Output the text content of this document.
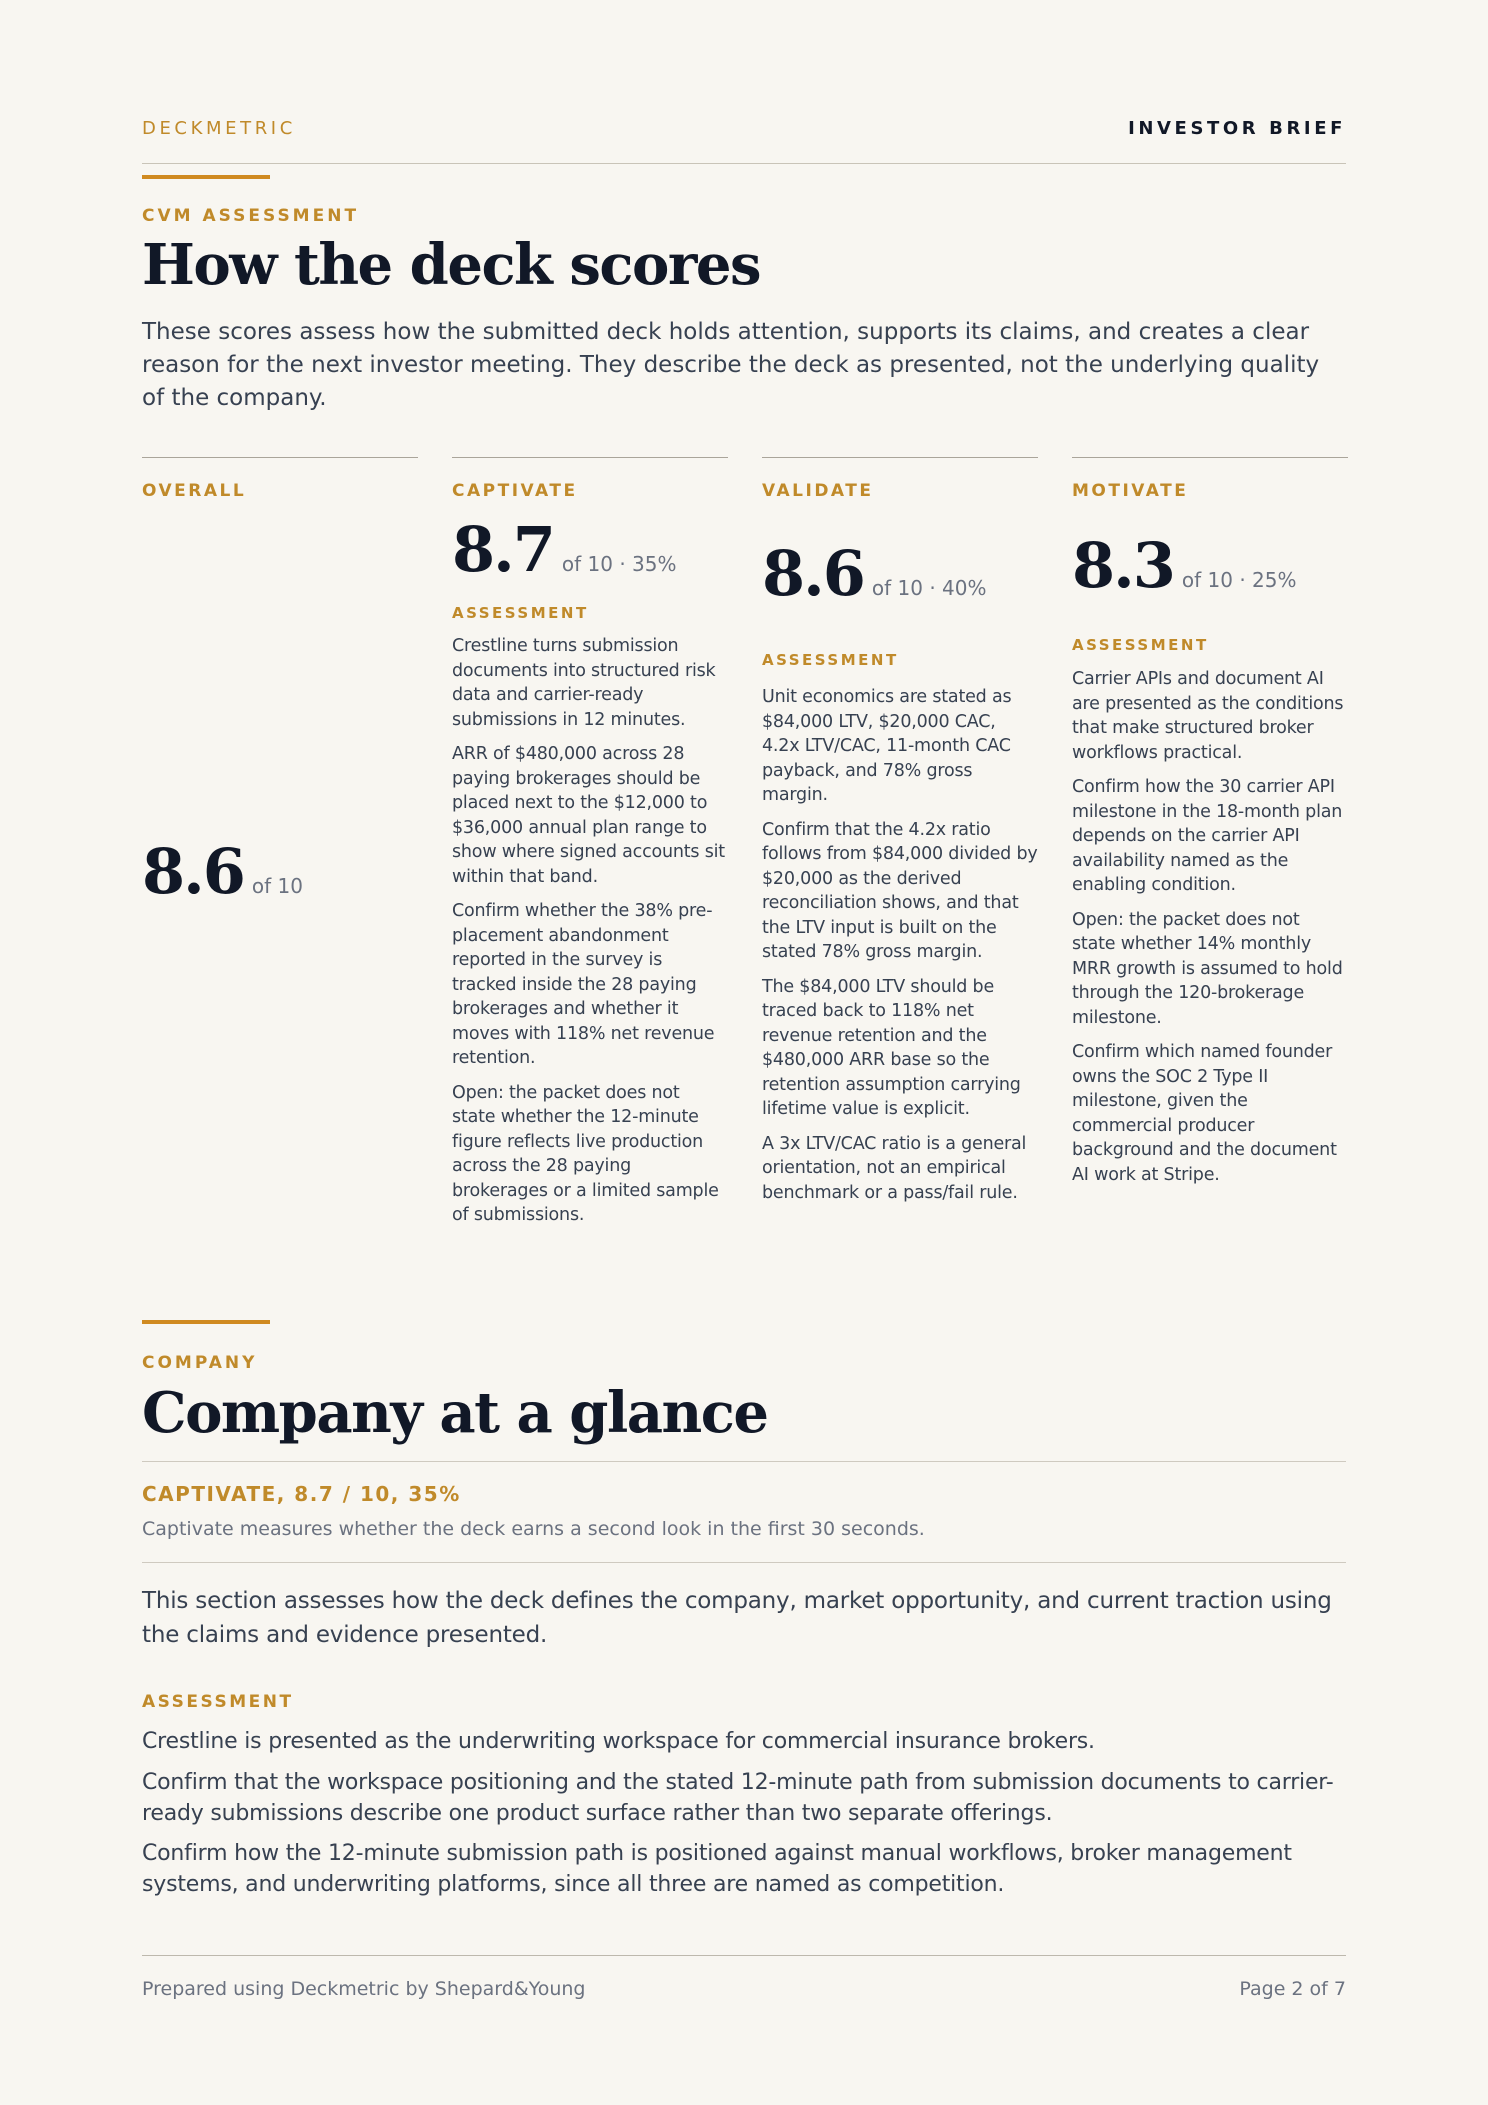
DECKMETRIC	INVESTOR BRIEF
CVM ASSESSMENT
How the deck scores
These scores assess how the submitted deck holds attention, supports its claims, and creates a clear reason for the next investor meeting. They describe the deck as presented, not the underlying quality of the company.
OVERALL
8.6 of 10
CAPTIVATE
8.7 of 10 · 35%
ASSESSMENT

Crestline turns submission documents into structured risk data and carrier-ready submissions in 12 minutes.

ARR of $480,000 across 28 paying brokerages should be placed next to the $12,000 to $36,000 annual plan range to show where signed accounts sit within that band.

Confirm whether the 38% pre-placement abandonment reported in the survey is tracked inside the 28 paying brokerages and whether it moves with 118% net revenue retention.

Open: the packet does not state whether the 12-minute figure reflects live production across the 28 paying brokerages or a limited sample of submissions.

VALIDATE
8.6 of 10 · 40%
ASSESSMENT

Unit economics are stated as $84,000 LTV, $20,000 CAC, 4.2x LTV/CAC, 11-month CAC payback, and 78% gross margin.

Confirm that the 4.2x ratio follows from $84,000 divided by $20,000 as the derived reconciliation shows, and that the LTV input is built on the stated 78% gross margin.

The $84,000 LTV should be traced back to 118% net revenue retention and the $480,000 ARR base so the retention assumption carrying lifetime value is explicit.

A 3x LTV/CAC ratio is a general orientation, not an empirical benchmark or a pass/fail rule.

MOTIVATE
8.3 of 10 · 25%
ASSESSMENT

Carrier APIs and document AI are presented as the conditions that make structured broker workflows practical.

Confirm how the 30 carrier API milestone in the 18-month plan depends on the carrier API availability named as the enabling condition.

Open: the packet does not state whether 14% monthly MRR growth is assumed to hold through the 120-brokerage milestone.

Confirm which named founder owns the SOC 2 Type II milestone, given the commercial producer background and the document AI work at Stripe.

COMPANY
Company at a glance
CAPTIVATE, 8.7 / 10, 35%
Captivate measures whether the deck earns a second look in the first 30 seconds.
This section assesses how the deck defines the company, market opportunity, and current traction using the claims and evidence presented.
ASSESSMENT
Crestline is presented as the underwriting workspace for commercial insurance brokers.
Confirm that the workspace positioning and the stated 12-minute path from submission documents to carrier-ready submissions describe one product surface rather than two separate offerings.
Confirm how the 12-minute submission path is positioned against manual workflows, broker management systems, and underwriting platforms, since all three are named as competition.
Prepared using Deckmetric by Shepard&Young	Page 2 of 7
